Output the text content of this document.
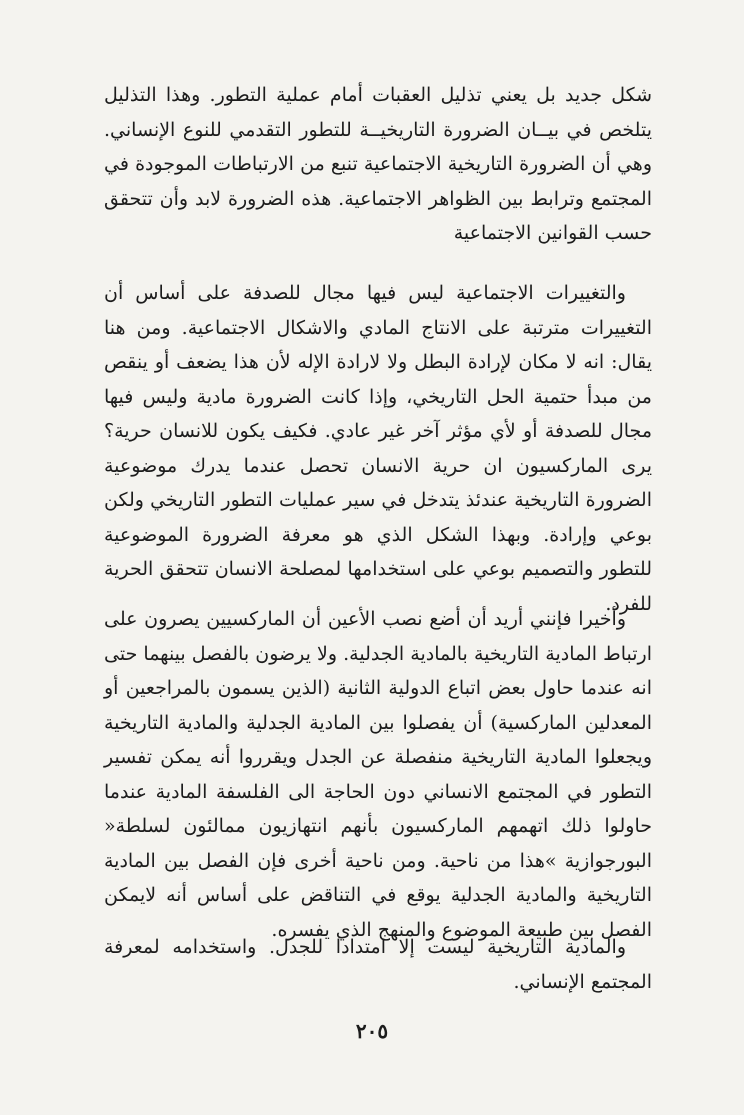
شكل جديد بل يعني تذليل العقبات أمام عملية التطور. وهذا التذليل يتلخص في بيــان الضرورة التاريخيــة للتطور التقدمي للنوع الإنساني. وهي أن الضرورة التاريخية الاجتماعية تنبع من الارتباطات الموجودة في المجتمع وترابط بين الظواهر الاجتماعية. هذه الضرورة لابد وأن تتحقق حسب القوانين الاجتماعية

والتغييرات الاجتماعية ليس فيها مجال للصدفة على أساس أن التغييرات مترتبة على الانتاج المادي والاشكال الاجتماعية. ومن هنا يقال: انه لا مكان لإرادة البطل ولا لارادة الإله لأن هذا يضعف أو ينقص من مبدأ حتمية الحل التاريخي، وإذا كانت الضرورة مادية وليس فيها مجال للصدفة أو لأي مؤثر آخر غير عادي. فكيف يكون للانسان حرية؟ يرى الماركسيون ان حرية الانسان تحصل عندما يدرك موضوعية الضرورة التاريخية عندئذ يتدخل في سير عمليات التطور التاريخي ولكن بوعي وإرادة. وبهذا الشكل الذي هو معرفة الضرورة الموضوعية للتطور والتصميم بوعي على استخدامها لمصلحة الانسان تتحقق الحرية للفرد.

وأخيرا فإنني أريد أن أضع نصب الأعين أن الماركسيين يصرون على ارتباط المادية التاريخية بالمادية الجدلية. ولا يرضون بالفصل بينهما حتى انه عندما حاول بعض اتباع الدولية الثانية (الذين يسمون بالمراجعين أو المعدلين الماركسية) أن يفصلوا بين المادية الجدلية والمادية التاريخية ويجعلوا المادية التاريخية منفصلة عن الجدل ويقرروا أنه يمكن تفسير التطور في المجتمع الانساني دون الحاجة الى الفلسفة المادية عندما حاولوا ذلك اتهمهم الماركسيون بأنهم انتهازيون ممالئون لسلطة« البورجوازية »هذا من ناحية. ومن ناحية أخرى فإن الفصل بين المادية التاريخية والمادية الجدلية يوقع في التناقض على أساس أنه لايمكن الفصل بين طبيعة الموضوع والمنهج الذي يفسره.

والمادية التاريخية ليست إلا امتدادا للجدل. واستخدامه لمعرفة المجتمع الإنساني.

٢٠٥
